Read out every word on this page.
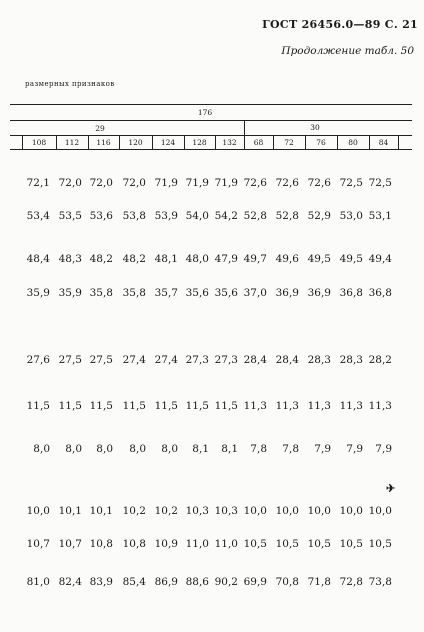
ГОСТ 26456.0—89 С. 21
Продолжение табл. 50
размерных признаков
176
29	30
108	112	116	120	124	128	132	68	72	76	80	84
72,1 72,0 72,0 72,0 71,9 71,9 71,9 72,6 72,6 72,6 72,5 72,5
53,4 53,5 53,6 53,8 53,9 54,0 54,2 52,8 52,8 52,9 53,0 53,1
48,4 48,3 48,2 48,2 48,1 48,0 47,9 49,7 49,6 49,5 49,5 49,4
35,9 35,9 35,8 35,8 35,7 35,6 35,6 37,0 36,9 36,9 36,8 36,8
27,6 27,5 27,5 27,4 27,4 27,3 27,3 28,4 28,4 28,3 28,3 28,2
11,5 11,5 11,5 11,5 11,5 11,5 11,5 11,3 11,3 11,3 11,3 11,3
8,0	8,0	8,0	8,0	8,0	8,1	8,1	7,8	7,8	7,9	7,9	7,9
10,0 10,1 10,1 10,2 10,2 10,3 10,3 10,0 10,0 10,0 10,0 10,0
10,7 10,7 10,8 10,8 10,9 11,0 11,0 10,5 10,5 10,5 10,5 10,5
81,0 82,4 83,9 85,4 86,9 88,6 90,2 69,9 70,8 71,8 72,8 73,8
✈
